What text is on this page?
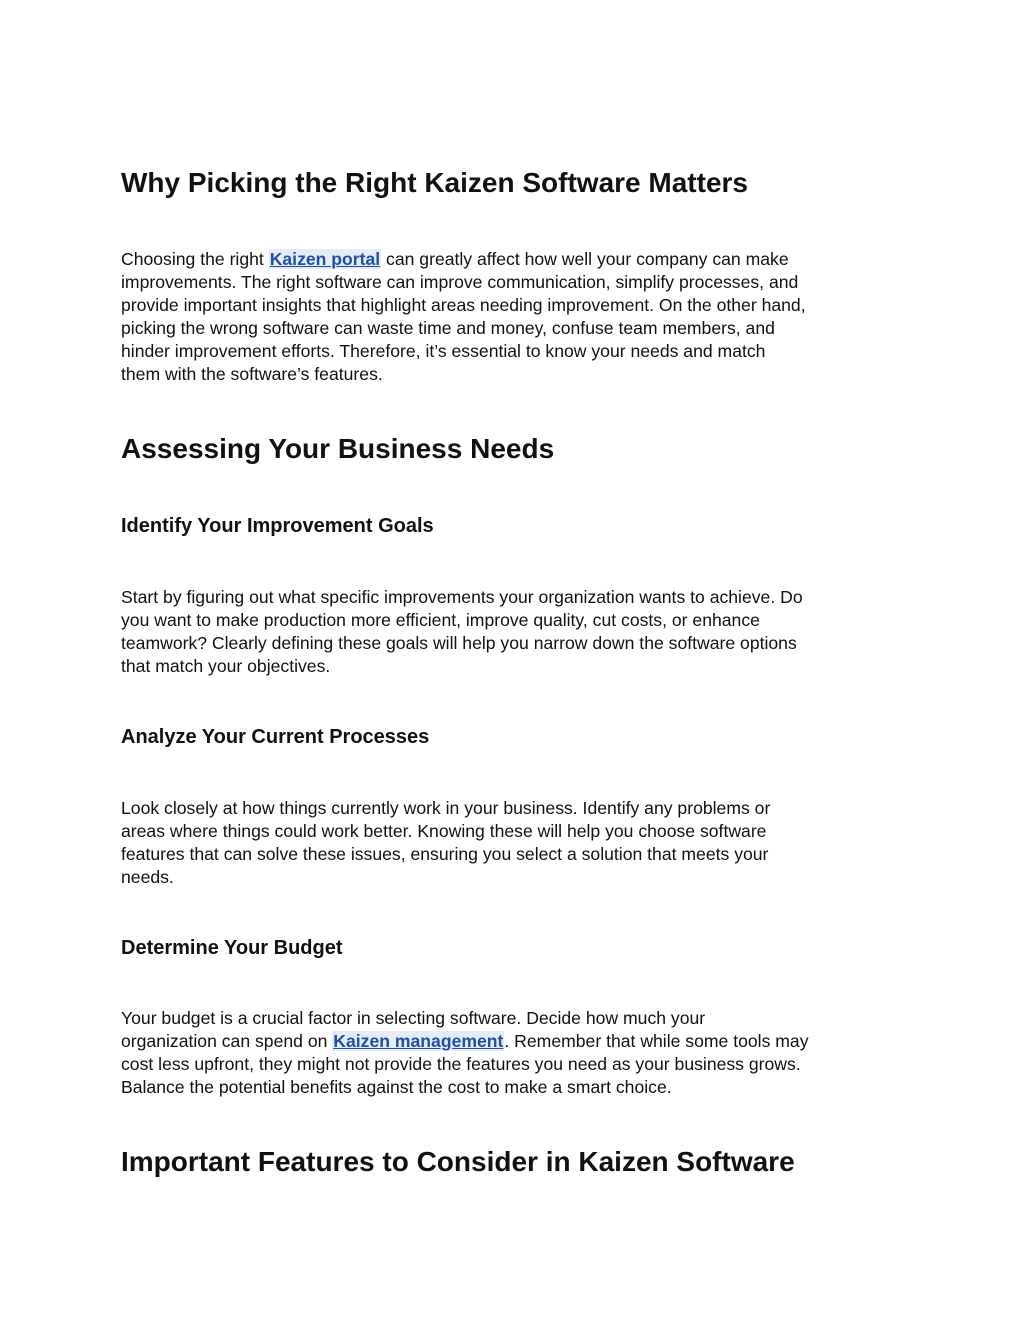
Why Picking the Right Kaizen Software Matters

Choosing the right Kaizen portal can greatly affect how well your company can make
improvements. The right software can improve communication, simplify processes, and
provide important insights that highlight areas needing improvement. On the other hand,
picking the wrong software can waste time and money, confuse team members, and
hinder improvement efforts. Therefore, it’s essential to know your needs and match
them with the software’s features.

Assessing Your Business Needs
Identify Your Improvement Goals

Start by figuring out what specific improvements your organization wants to achieve. Do
you want to make production more efficient, improve quality, cut costs, or enhance
teamwork? Clearly defining these goals will help you narrow down the software options
that match your objectives.

Analyze Your Current Processes

Look closely at how things currently work in your business. Identify any problems or
areas where things could work better. Knowing these will help you choose software
features that can solve these issues, ensuring you select a solution that meets your
needs.

Determine Your Budget

Your budget is a crucial factor in selecting software. Decide how much your
organization can spend on Kaizen management. Remember that while some tools may
cost less upfront, they might not provide the features you need as your business grows.
Balance the potential benefits against the cost to make a smart choice.

Important Features to Consider in Kaizen Software
